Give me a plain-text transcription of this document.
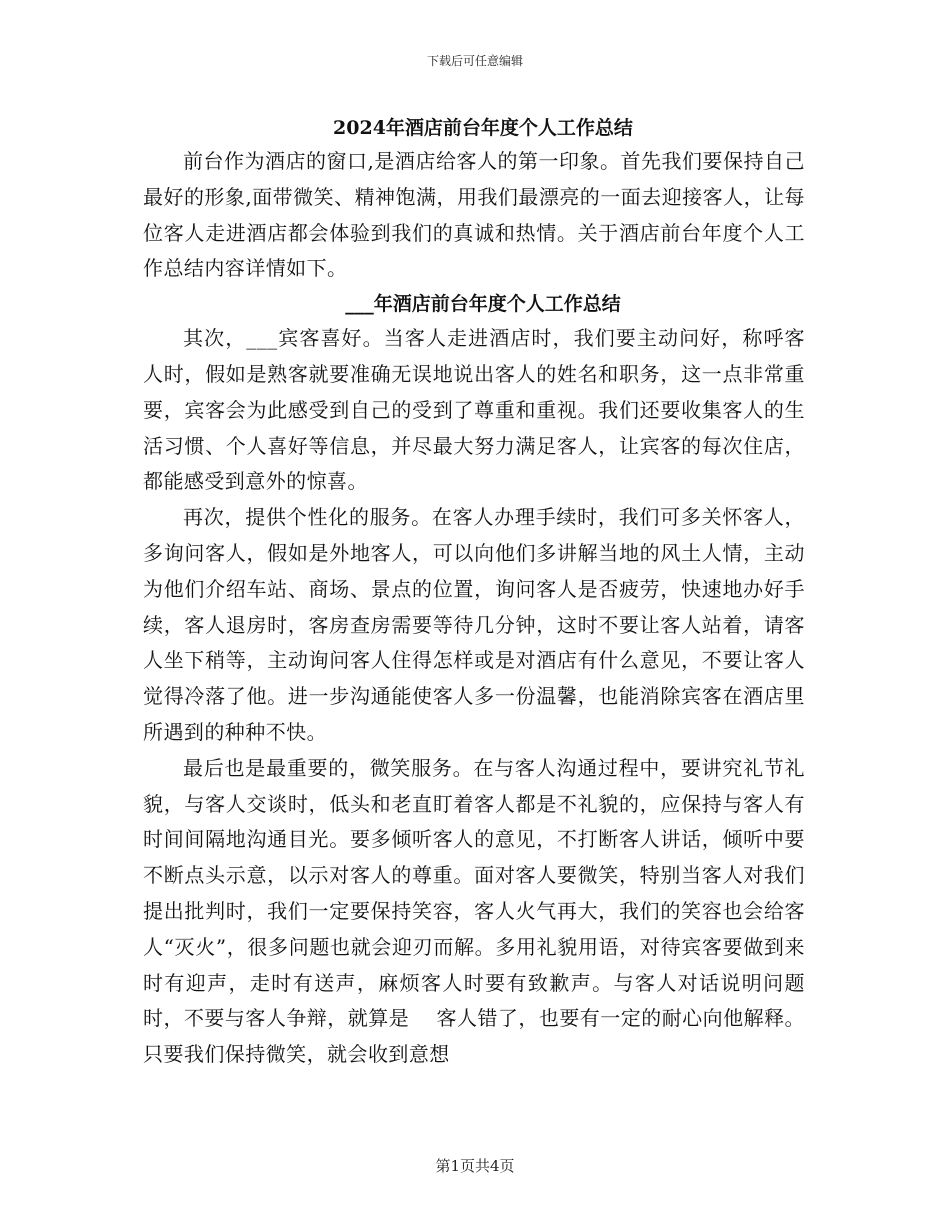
下载后可任意编辑
2024年酒店前台年度个人工作总结

前台作为酒店的窗口,是酒店给客人的第一印象。首先我们要保持自己最好的形象,面带微笑、精神饱满，用我们最漂亮的一面去迎接客人，让每位客人走进酒店都会体验到我们的真诚和热情。关于酒店前台年度个人工作总结内容详情如下。

___年酒店前台年度个人工作总结

其次，___宾客喜好。当客人走进酒店时，我们要主动问好，称呼客人时，假如是熟客就要准确无误地说出客人的姓名和职务，这一点非常重要，宾客会为此感受到自己的受到了尊重和重视。我们还要收集客人的生活习惯、个人喜好等信息，并尽最大努力满足客人，让宾客的每次住店，都能感受到意外的惊喜。

再次，提供个性化的服务。在客人办理手续时，我们可多关怀客人，多询问客人，假如是外地客人，可以向他们多讲解当地的风土人情，主动为他们介绍车站、商场、景点的位置，询问客人是否疲劳，快速地办好手续，客人退房时，客房查房需要等待几分钟，这时不要让客人站着，请客人坐下稍等，主动询问客人住得怎样或是对酒店有什么意见，不要让客人觉得冷落了他。进一步沟通能使客人多一份温馨，也能消除宾客在酒店里所遇到的种种不快。

最后也是最重要的，微笑服务。在与客人沟通过程中，要讲究礼节礼貌，与客人交谈时，低头和老直盯着客人都是不礼貌的，应保持与客人有时间间隔地沟通目光。要多倾听客人的意见，不打断客人讲话，倾听中要不断点头示意，以示对客人的尊重。面对客人要微笑，特别当客人对我们提出批判时，我们一定要保持笑容，客人火气再大，我们的笑容也会给客人“灭火”，很多问题也就会迎刃而解。多用礼貌用语，对待宾客要做到来时有迎声，走时有送声，麻烦客人时要有致歉声。与客人对话说明问题时，不要与客人争辩，就算是　 客人错了，也要有一定的耐心向他解释。只要我们保持微笑，就会收到意想

第1页共4页
